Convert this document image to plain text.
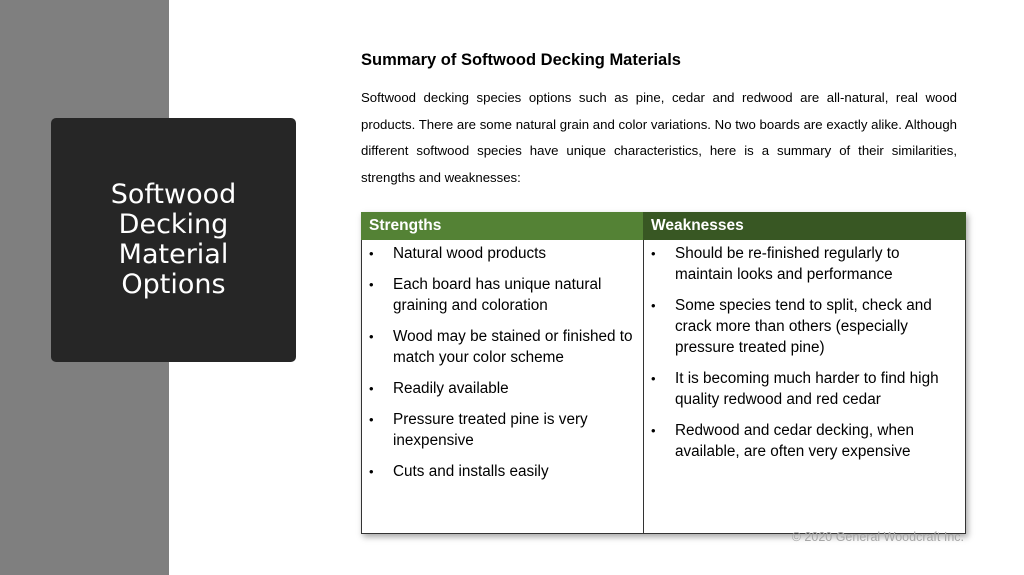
Softwood Decking Material Options
Summary of Softwood Decking Materials

Softwood decking species options such as pine, cedar and redwood are all-natural, real wood products. There are some natural grain and color variations. No two boards are exactly alike. Although different softwood species have unique characteristics, here is a summary of their similarities, strengths and weaknesses:

Strengths
• Natural wood products
• Each board has unique natural graining and coloration
• Wood may be stained or finished to match your color scheme
• Readily available
• Pressure treated pine is very inexpensive
• Cuts and installs easily
Weaknesses
• Should be re-finished regularly to maintain looks and performance
• Some species tend to split, check and crack more than others (especially pressure treated pine)
• It is becoming much harder to find high quality redwood and red cedar
• Redwood and cedar decking, when available, are often very expensive
© 2020 General Woodcraft Inc.
